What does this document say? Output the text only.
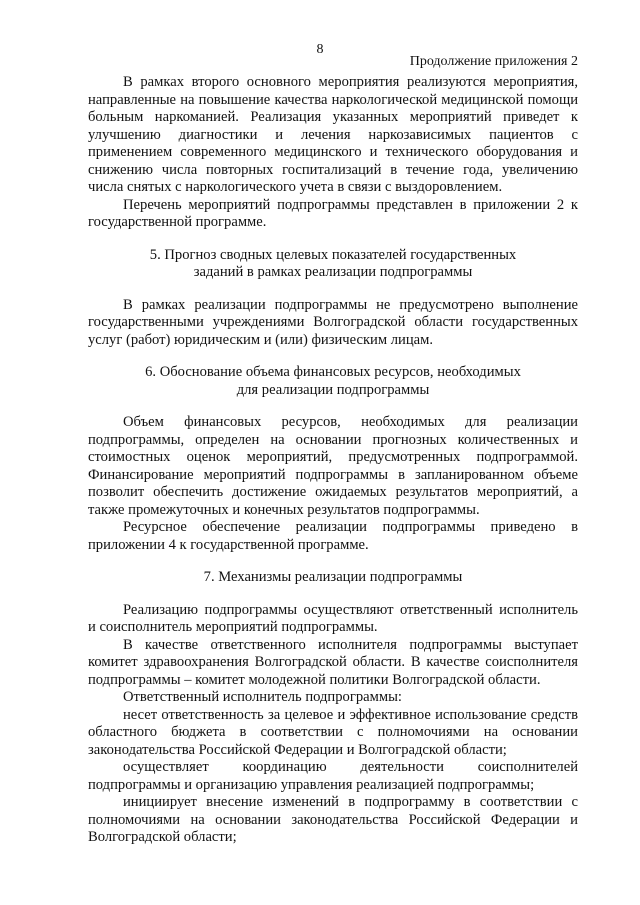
8
Продолжение приложения 2

В рамках второго основного мероприятия реализуются мероприятия, направленные на повышение качества наркологической медицинской помощи больным наркоманией. Реализация указанных мероприятий приведет к улучшению диагностики и лечения наркозависимых пациентов с применением современного медицинского и технического оборудования и снижению числа повторных госпитализаций в течение года, увеличению числа снятых с наркологического учета в связи с выздоровлением.

Перечень мероприятий подпрограммы представлен в приложении 2 к государственной программе.

5. Прогноз сводных целевых показателей государственных

заданий в рамках реализации подпрограммы

В рамках реализации подпрограммы не предусмотрено выполнение государственными учреждениями Волгоградской области государственных услуг (работ) юридическим и (или) физическим лицам.

6. Обоснование объема финансовых ресурсов, необходимых

для реализации подпрограммы

Объем финансовых ресурсов, необходимых для реализации подпрограммы, определен на основании прогнозных количественных и стоимостных оценок мероприятий, предусмотренных подпрограммой. Финансирование мероприятий подпрограммы в запланированном объеме позволит обеспечить достижение ожидаемых результатов мероприятий, а также промежуточных и конечных результатов подпрограммы.

Ресурсное обеспечение реализации подпрограммы приведено в приложении 4 к государственной программе.

7. Механизмы реализации подпрограммы

Реализацию подпрограммы осуществляют ответственный исполнитель и соисполнитель мероприятий подпрограммы.

В качестве ответственного исполнителя подпрограммы выступает комитет здравоохранения Волгоградской области. В качестве соисполнителя подпрограммы – комитет молодежной политики Волгоградской области.

Ответственный исполнитель подпрограммы:

несет ответственность за целевое и эффективное использование средств областного бюджета в соответствии с полномочиями на основании законодательства Российской Федерации и Волгоградской области;

осуществляет координацию деятельности соисполнителей подпрограммы и организацию управления реализацией подпрограммы;

инициирует внесение изменений в подпрограмму в соответствии с полномочиями на основании законодательства Российской Федерации и Волгоградской области;
